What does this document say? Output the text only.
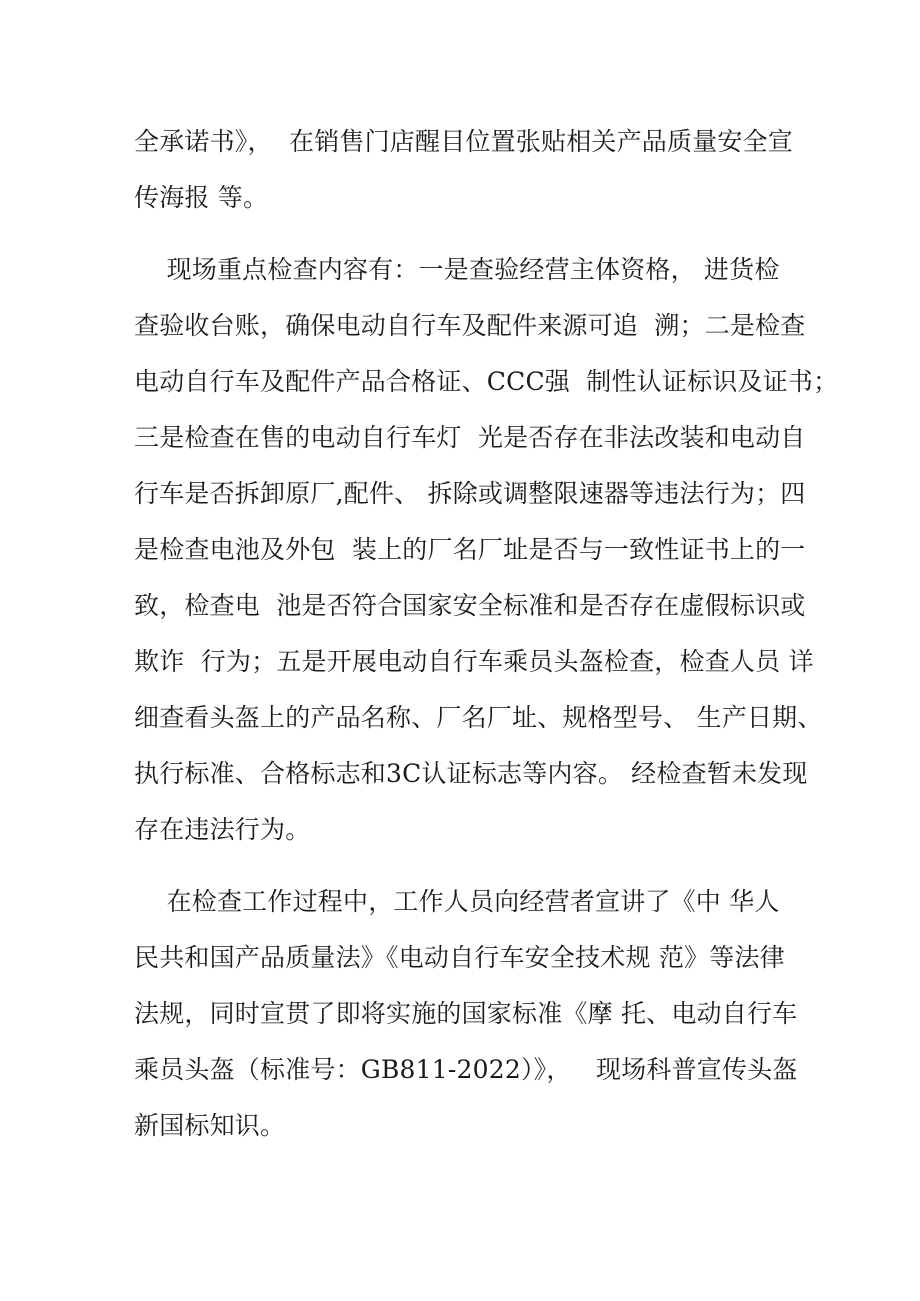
全承诺书》，  在销售门店醒目位置张贴相关产品质量安全宣
传海报 等。
现场重点检查内容有：一是查验经营主体资格， 进货检
查验收台账，确保电动自行车及配件来源可追  溯；二是检查
电动自行车及配件产品合格证、CCC强  制性认证标识及证书；
三是检查在售的电动自行车灯  光是否存在非法改装和电动自
行车是否拆卸原厂,配件、 拆除或调整限速器等违法行为；四
是检查电池及外包  装上的厂名厂址是否与一致性证书上的一
致，检查电  池是否符合国家安全标准和是否存在虚假标识或
欺诈  行为；五是开展电动自行车乘员头盔检查，检查人员 详
细查看头盔上的产品名称、厂名厂址、规格型号、 生产日期、
执行标准、合格标志和3C认证标志等内容。 经检查暂未发现
存在违法行为。
在检查工作过程中，工作人员向经营者宣讲了《中 华人
民共和国产品质量法》《电动自行车安全技术规 范》等法律
法规，同时宣贯了即将实施的国家标准《摩 托、电动自行车
乘员头盔（标准号：GB811-2022）》，   现场科普宣传头盔
新国标知识。
